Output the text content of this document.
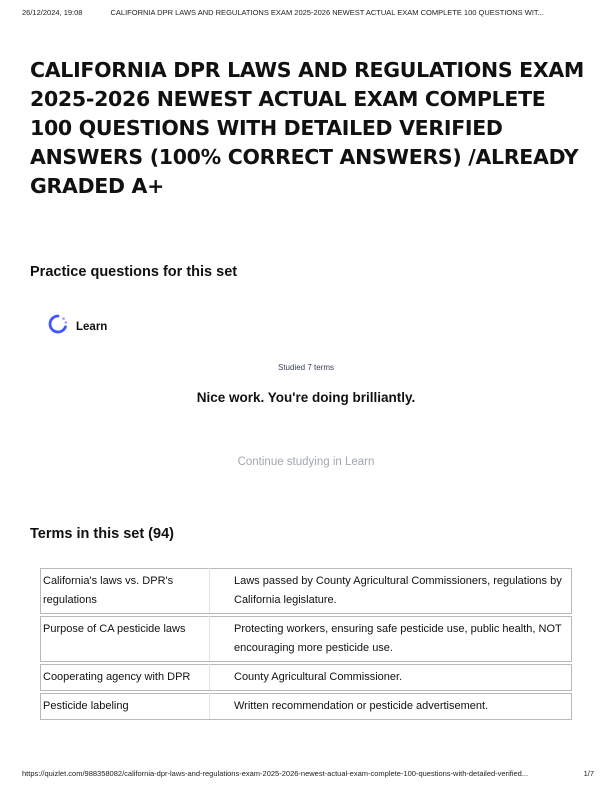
26/12/2024, 19:08	CALIFORNIA DPR LAWS AND REGULATIONS EXAM 2025-2026 NEWEST ACTUAL EXAM COMPLETE 100 QUESTIONS WIT...
CALIFORNIA DPR LAWS AND REGULATIONS EXAM 2025-2026 NEWEST ACTUAL EXAM COMPLETE 100 QUESTIONS WITH DETAILED VERIFIED ANSWERS (100% CORRECT ANSWERS) /ALREADY GRADED A+
Practice questions for this set
Learn
Studied 7 terms
Nice work. You're doing brilliantly.
Continue studying in Learn
Terms in this set (94)
California's laws vs. DPR's regulations	Laws passed by County Agricultural Commissioners, regulations by California legislature.

Purpose of CA pesticide laws	Protecting workers, ensuring safe pesticide use, public health, NOT encouraging more pesticide use.

Cooperating agency with DPR	County Agricultural Commissioner.

Pesticide labeling	Written recommendation or pesticide advertisement.
https://quizlet.com/988358082/california-dpr-laws-and-regulations-exam-2025-2026-newest-actual-exam-complete-100-questions-with-detailed-verified...	1/7
